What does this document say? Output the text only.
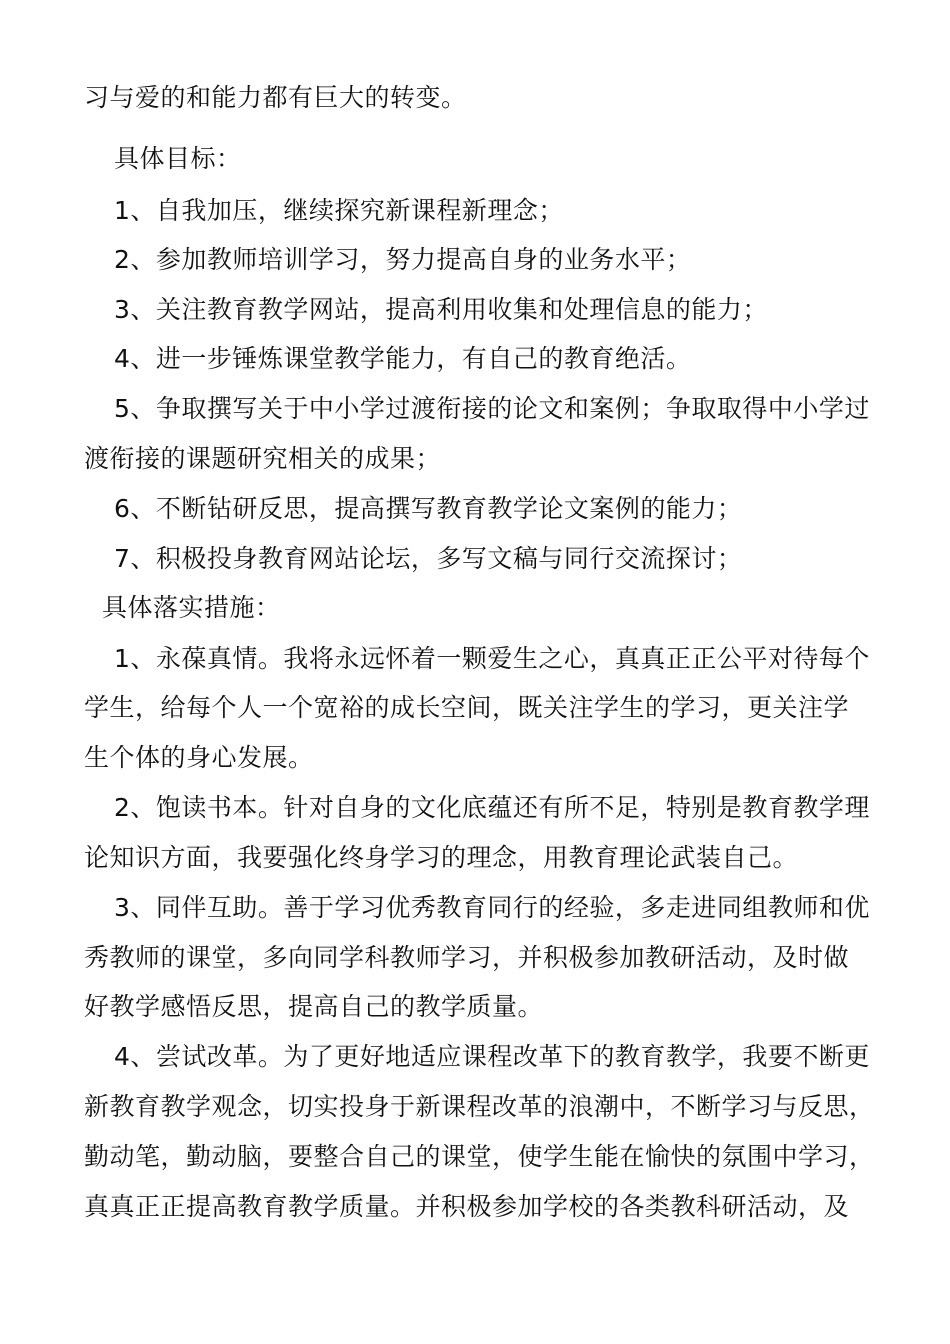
习与爱的和能力都有巨大的转变。
具体目标：
1、自我加压，继续探究新课程新理念；
2、参加教师培训学习，努力提高自身的业务水平；
3、关注教育教学网站，提高利用收集和处理信息的能力；
4、进一步锤炼课堂教学能力，有自己的教育绝活。
5、争取撰写关于中小学过渡衔接的论文和案例；争取取得中小学过
渡衔接的课题研究相关的成果；
6、不断钻研反思，提高撰写教育教学论文案例的能力；
7、积极投身教育网站论坛，多写文稿与同行交流探讨；
具体落实措施：
1、永葆真情。我将永远怀着一颗爱生之心，真真正正公平对待每个
学生，给每个人一个宽裕的成长空间，既关注学生的学习，更关注学
生个体的身心发展。
2、饱读书本。针对自身的文化底蕴还有所不足，特别是教育教学理
论知识方面，我要强化终身学习的理念，用教育理论武装自己。
3、同伴互助。善于学习优秀教育同行的经验，多走进同组教师和优
秀教师的课堂，多向同学科教师学习，并积极参加教研活动，及时做
好教学感悟反思，提高自己的教学质量。
4、尝试改革。为了更好地适应课程改革下的教育教学，我要不断更
新教育教学观念，切实投身于新课程改革的浪潮中，不断学习与反思，
勤动笔，勤动脑，要整合自己的课堂，使学生能在愉快的氛围中学习，
真真正正提高教育教学质量。并积极参加学校的各类教科研活动，及
